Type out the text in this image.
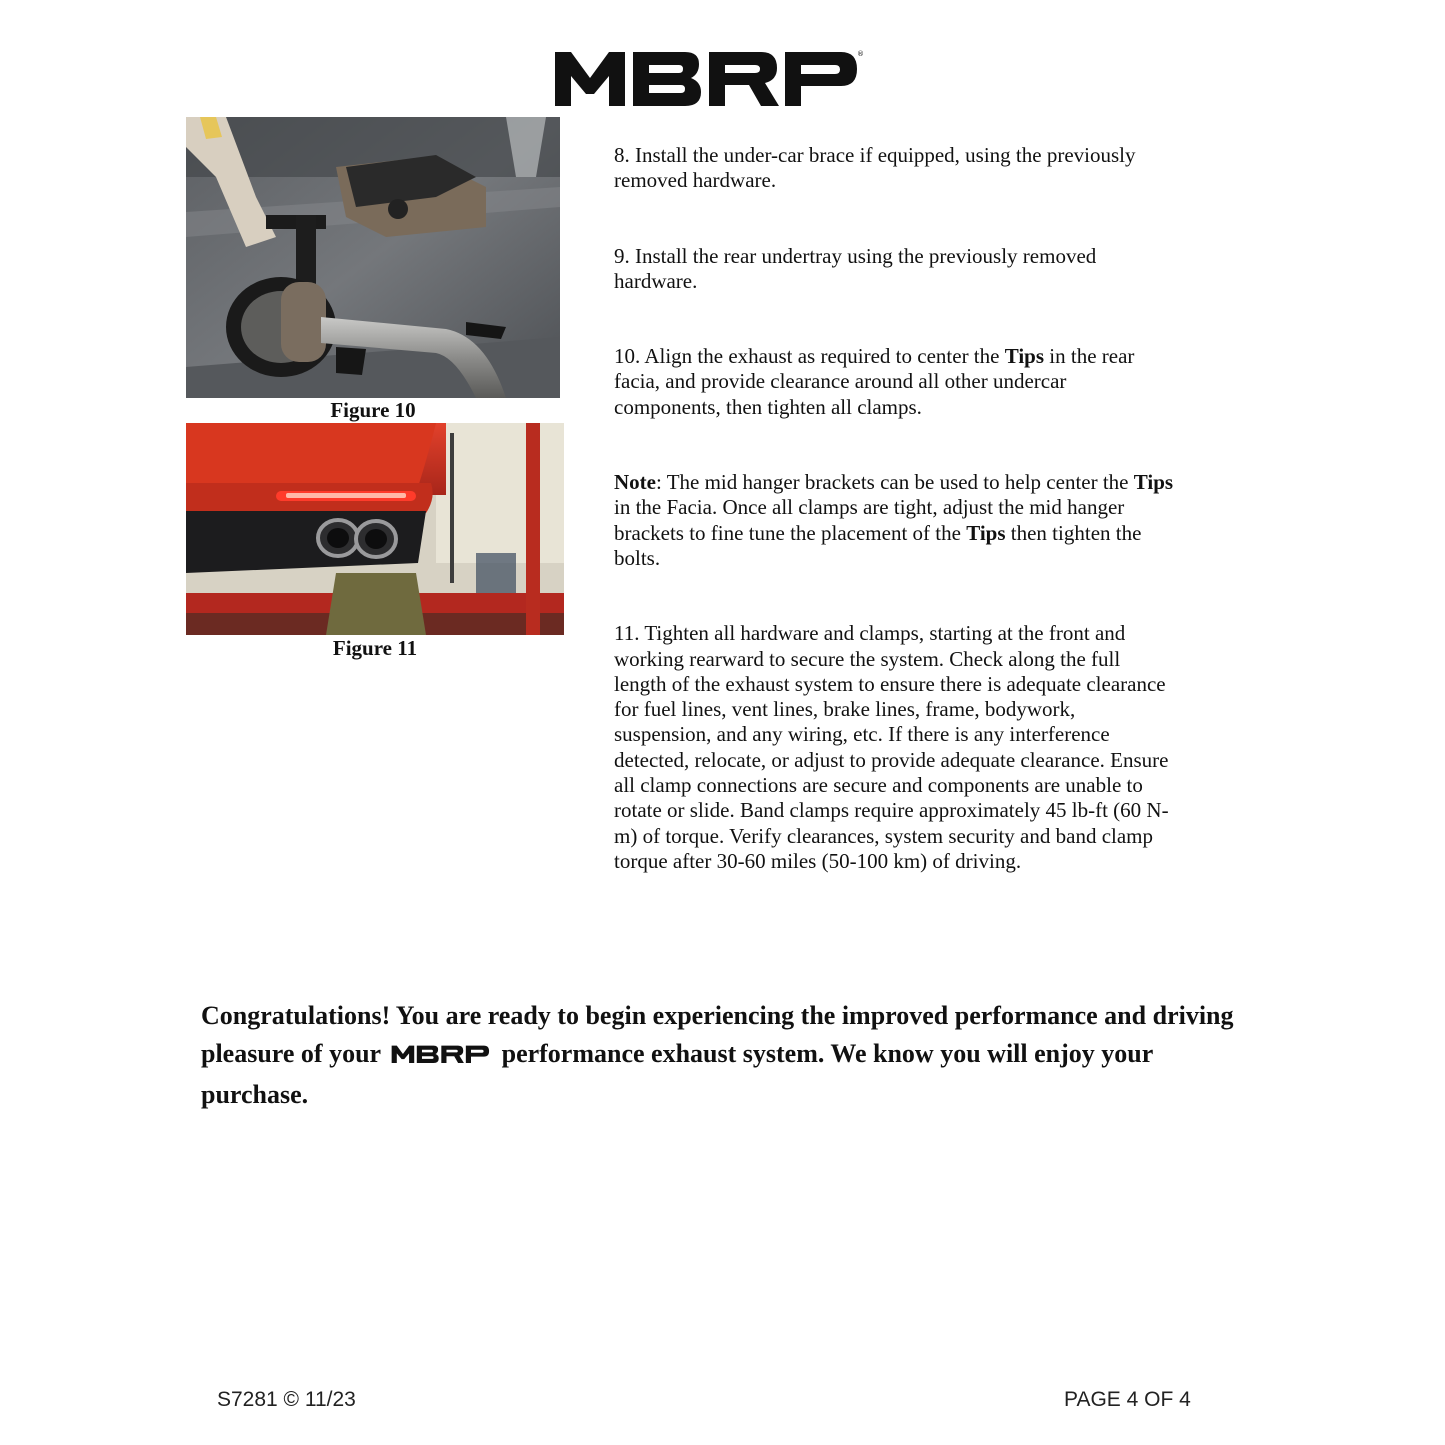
®
Figure 10
Figure 11

8. Install the under-car brace if equipped, using the previously removed hardware.

9. Install the rear undertray using the previously removed hardware.

10. Align the exhaust as required to center the Tips in the rear facia, and provide clearance around all other undercar components, then tighten all clamps.

Note: The mid hanger brackets can be used to help center the Tips in the Facia. Once all clamps are tight, adjust the mid hanger brackets to fine tune the placement of the Tips then tighten the bolts.

11. Tighten all hardware and clamps, starting at the front and working rearward to secure the system. Check along the full length of the exhaust system to ensure there is adequate clearance for fuel lines, vent lines, brake lines, frame, bodywork, suspension, and any wiring, etc. If there is any interference detected, relocate, or adjust to provide adequate clearance. Ensure all clamp connections are secure and components are unable to rotate or slide. Band clamps require approximately 45 lb-ft (60 N-m) of torque. Verify clearances, system security and band clamp torque after 30-60 miles (50-100 km) of driving.

Congratulations! You are ready to begin experiencing the improved performance and driving pleasure of your	performance exhaust system. We know you will enjoy your purchase.
S7281 © 11/23	PAGE 4 OF 4
